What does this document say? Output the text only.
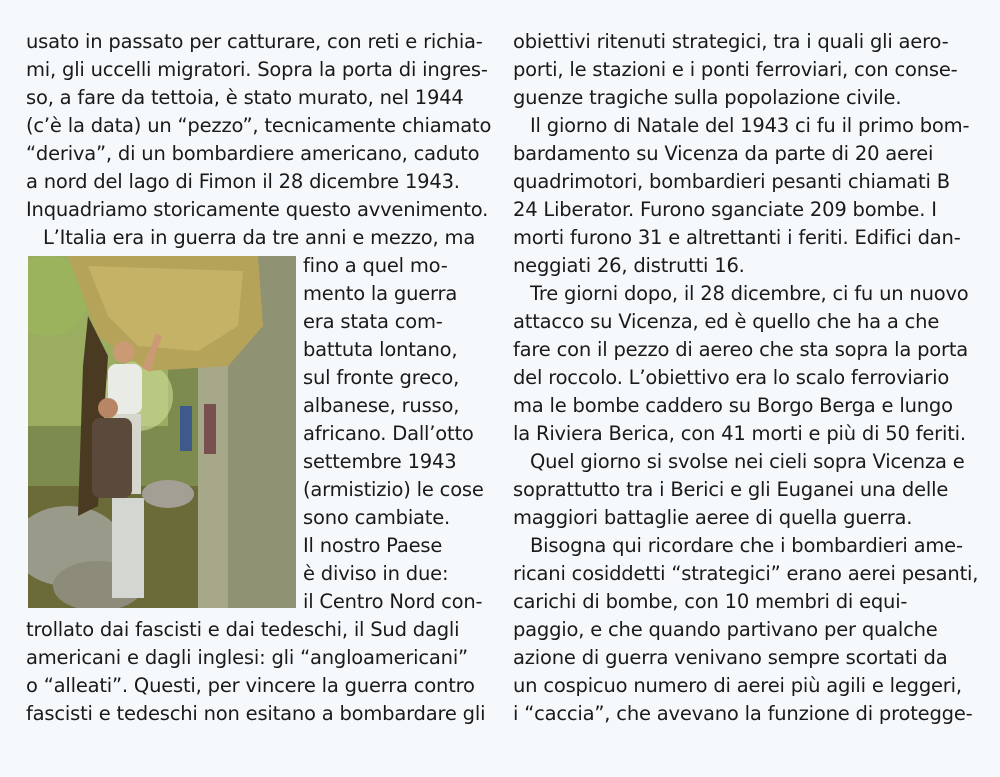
usato in passato per catturare, con reti e richia-
mi, gli uccelli migratori. Sopra la porta di ingres-
so, a fare da tettoia, è stato murato, nel 1944
(c’è la data) un “pezzo”, tecnicamente chiamato
“deriva”, di un bombardiere americano, caduto
a nord del lago di Fimon il 28 dicembre 1943.
Inquadriamo storicamente questo avvenimento.
L’Italia era in guerra da tre anni e mezzo, ma
fino a quel mo-
mento la guerra
era stata com-
battuta lontano,
sul fronte greco,
albanese, russo,
africano. Dall’otto
settembre 1943
(armistizio) le cose
sono cambiate.
Il nostro Paese
è diviso in due:
il Centro Nord con-
trollato dai fascisti e dai tedeschi, il Sud dagli
americani e dagli inglesi: gli “angloamericani”
o “alleati”. Questi, per vincere la guerra contro
fascisti e tedeschi non esitano a bombardare gli
obiettivi ritenuti strategici, tra i quali gli aero-
porti, le stazioni e i ponti ferroviari, con conse-
guenze tragiche sulla popolazione civile.
Il giorno di Natale del 1943 ci fu il primo bom-
bardamento su Vicenza da parte di 20 aerei
quadrimotori, bombardieri pesanti chiamati B
24 Liberator. Furono sganciate 209 bombe. I
morti furono 31 e altrettanti i feriti. Edifici dan-
neggiati 26, distrutti 16.
Tre giorni dopo, il 28 dicembre, ci fu un nuovo
attacco su Vicenza, ed è quello che ha a che
fare con il pezzo di aereo che sta sopra la porta
del roccolo. L’obiettivo era lo scalo ferroviario
ma le bombe caddero su Borgo Berga e lungo
la Riviera Berica, con 41 morti e più di 50 feriti.
Quel giorno si svolse nei cieli sopra Vicenza e
soprattutto tra i Berici e gli Euganei una delle
maggiori battaglie aeree di quella guerra.
Bisogna qui ricordare che i bombardieri ame-
ricani cosiddetti “strategici” erano aerei pesanti,
carichi di bombe, con 10 membri di equi-
paggio, e che quando partivano per qualche
azione di guerra venivano sempre scortati da
un cospicuo numero di aerei più agili e leggeri,
i “caccia”, che avevano la funzione di protegge-
